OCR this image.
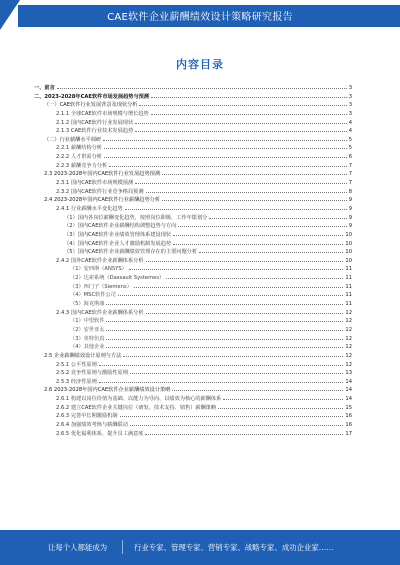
CAE软件企业薪酬绩效设计策略研究报告
内容目录
一、前言	3
二、2023-2028年CAE软件市场发展趋势与预测	3
（一）CAE软件行业发展背景及现状分析	3
2.1.1 全球CAE软件市场规模与增长趋势	3
2.1.2 国内CAE软件行业发展现状	4
2.1.3 CAE软件行业技术发展趋势	4
（二）行业薪酬水平调研	5
2.2.1 薪酬结构分析	5
2.2.2 人才供需分析	6
2.2.3 薪酬竞争力分析	7
2.3 2023-2028年国内CAE软件行业发展趋势预测	7
2.3.1 国内CAE软件市场规模预测	7
2.3.2 国内CAE软件行业竞争格局预测	8
2.4 2023-2028年国内CAE软件行业薪酬趋势分析	9
2.4.1 行业薪酬水平变化趋势	9
（1）国内各岗位薪酬变化趋势，按照岗位职级、工作年限划分	9
（2）国内CAE软件企业薪酬结构调整趋势与方向	9
（3）国内CAE软件企业绩效管理体系建设现状	10
（4）国内CAE软件企业人才激励机制发展趋势	10
（5）国内CAE软件企业薪酬绩效管理存在的主要问题分析	10
2.4.2 国外CAE软件企业薪酬体系分析	10
（1）安西斯（ANSYS）	11
（2）达索系统（Dassault Systemes）	11
（3）西门子（Siemens）	11
（4）MSC软件公司	11
（5）海克斯康	11
2.4.3 国内CAE软件企业薪酬体系分析	12
（1）中望软件	12
（2）安世亚太	12
（3）英特仿真	12
（4）其他企业	12
2.5 企业薪酬绩效设计原则与方法	12
2.5.1 公平性原则	12
2.5.2 竞争性原则与激励性原则	13
2.5.3 经济性原则	14
2.6 2023-2028年国内CAE软件企业薪酬绩效设计策略	14
2.6.1 构建以岗位价值为基础、以能力为导向、以绩效为核心的薪酬体系	14
2.6.2 建立CAE软件企业关键岗位（研发、技术支持、销售）薪酬策略	15
2.6.3 完善中长期激励机制	16
2.6.4 加强绩效考核与薪酬联动	16
2.6.5 优化福利体系，提升员工满意度	17
让每个人都能成为	行业专家、管理专家、营销专家、战略专家、成功企业家……
